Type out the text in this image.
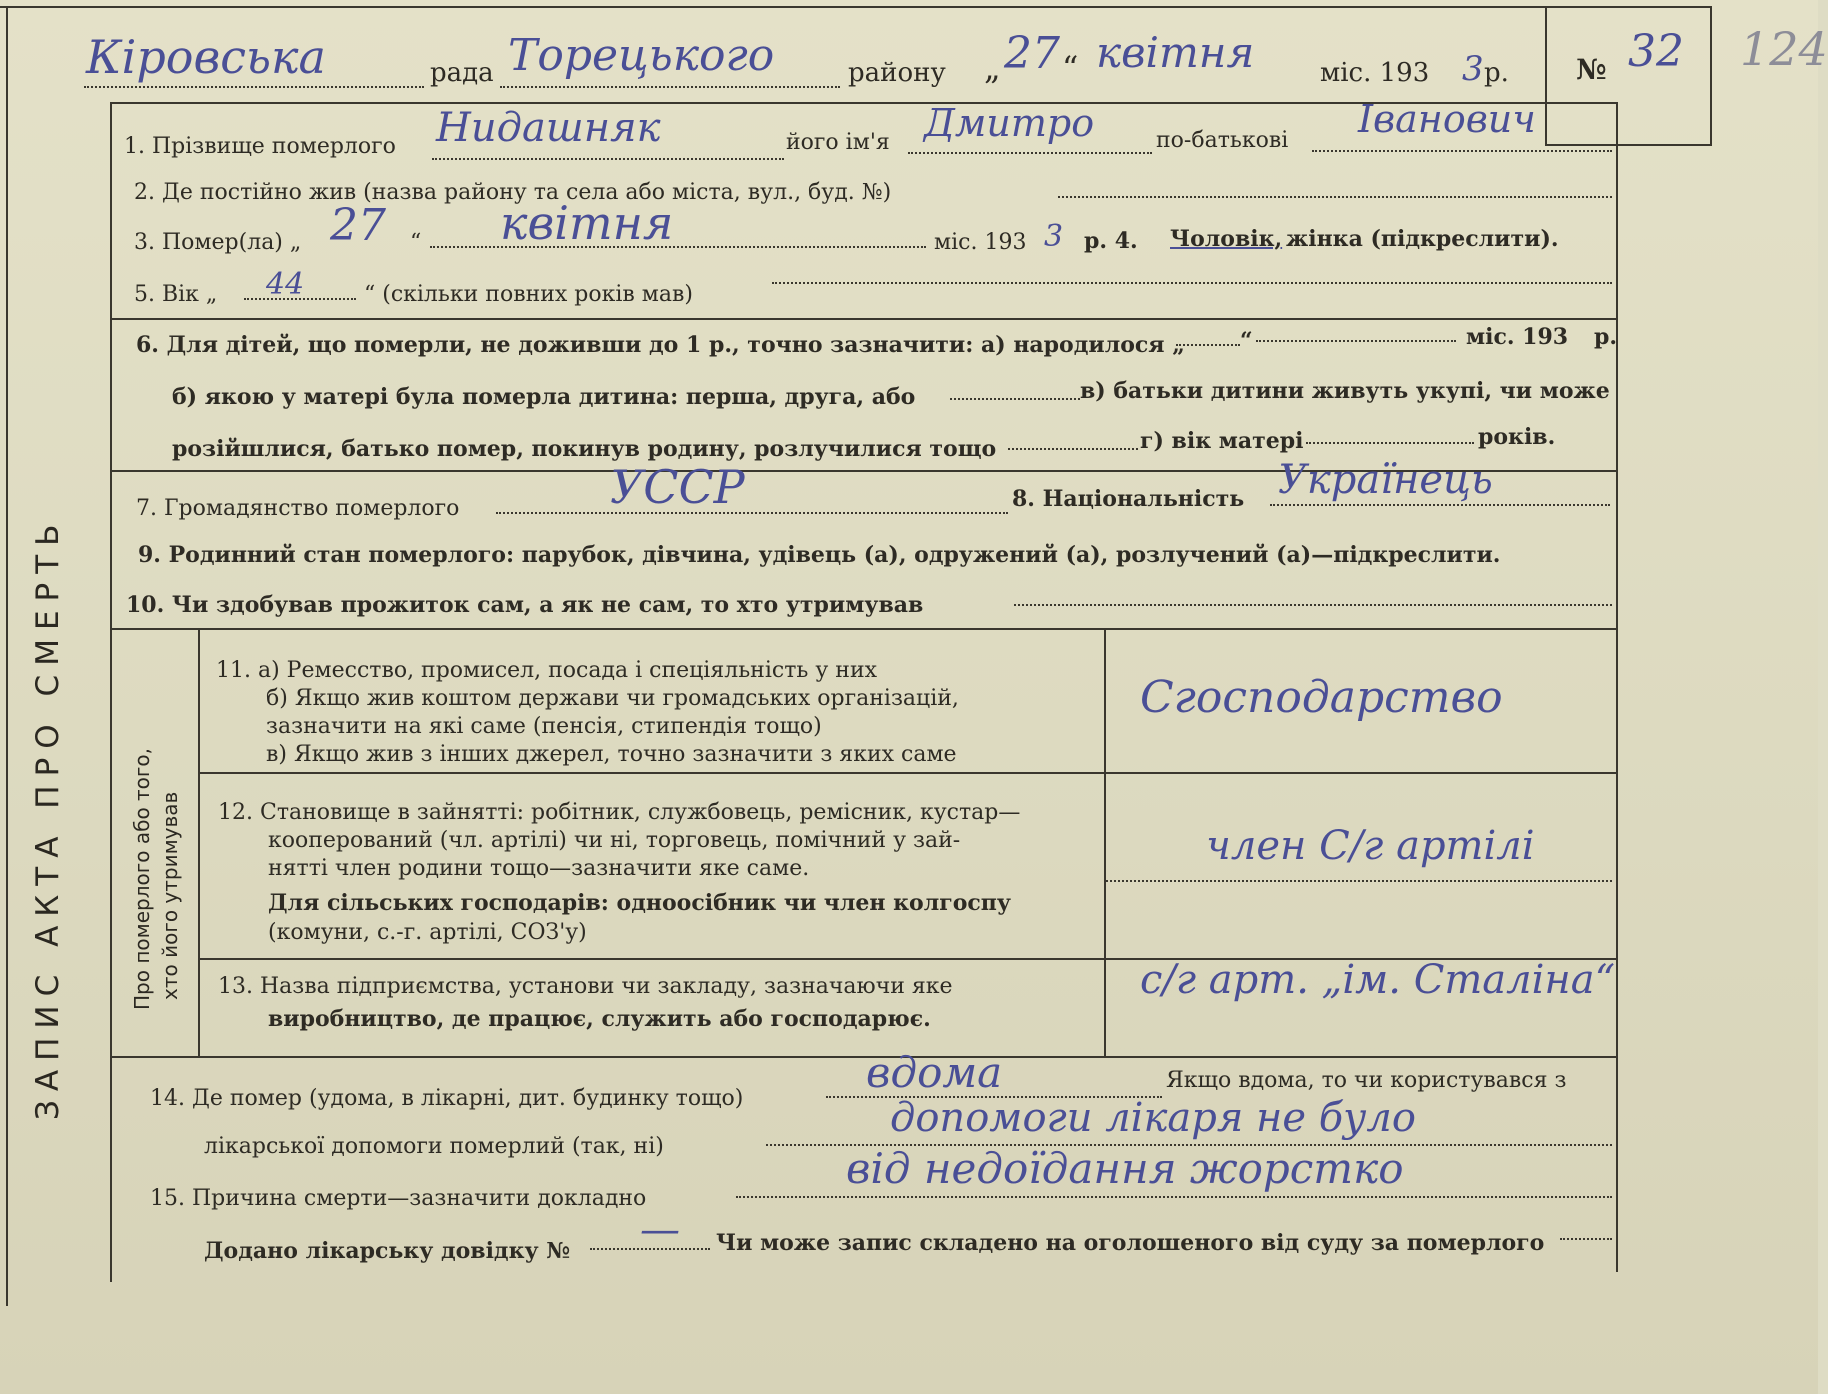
ЗАПИС АКТА ПРО СМЕРТЬ	Про померлого або того, хто його утримував
Кіровська	рада Торецького	району „ 27 “ квітня	міс. 193 3 р. № 32 124
1. Прізвище померлого Нидашняк	його ім'я Дмитро	по-батькові Іванович
2. Де постійно жив (назва району та села або міста, вул., буд. №)
3. Помер(ла) „ 27 “ квітня	міс. 193 3 р. 4. Чоловік, жінка (підкреслити).
5. Вік „ 44	“ (скільки повних років мав)
6. Для дітей, що померли, не доживши до 1 р., точно зазначити: а) народилося „	“	міс. 193 р.
б) якою у матері була померла дитина: перша, друга, або	в) батьки дитини живуть укупі, чи може
розійшлися, батько помер, покинув родину, розлучилися тощо	г) вік матері	років.
7. Громадянство померлого	УССР	8. Національність Українець
9. Родинний стан померлого: парубок, дівчина, удівець (а), одружений (а), розлучений (а)—підкреслити.
10. Чи здобував прожиток сам, а як не сам, то хто утримував
11. а) Ремесство, промисел, посада і спеціяльність у них
б) Якщо жив коштом держави чи громадських організацій,
зазначити на які саме (пенсія, стипендія тощо)
в) Якщо жив з інших джерел, точно зазначити з яких саме
Сгосподарство
12. Становище в зайнятті: робітник, службовець, ремісник, кустар—
кооперований (чл. артілі) чи ні, торговець, помічний у зай-
нятті член родини тощо—зазначити яке саме.
Для сільських господарів: одноосібник чи член колгоспу
(комуни, с.-г. артілі, СОЗ'у)
член С/г артілі
13. Назва підприємства, установи чи закладу, зазначаючи яке
виробництво, де працює, служить або господарює.
с/г арт. „ім. Сталіна“
14. Де помер (удома, в лікарні, дит. будинку тощо)
вдома	Якщо вдома, то чи користувався з
лікарської допомоги померлий (так, ні)
допомоги лікаря не було
15. Причина смерти—зазначити докладно
від недоїдання жорстко
Додано лікарську довідку № — Чи може запис складено на оголошеного від суду за померлого
